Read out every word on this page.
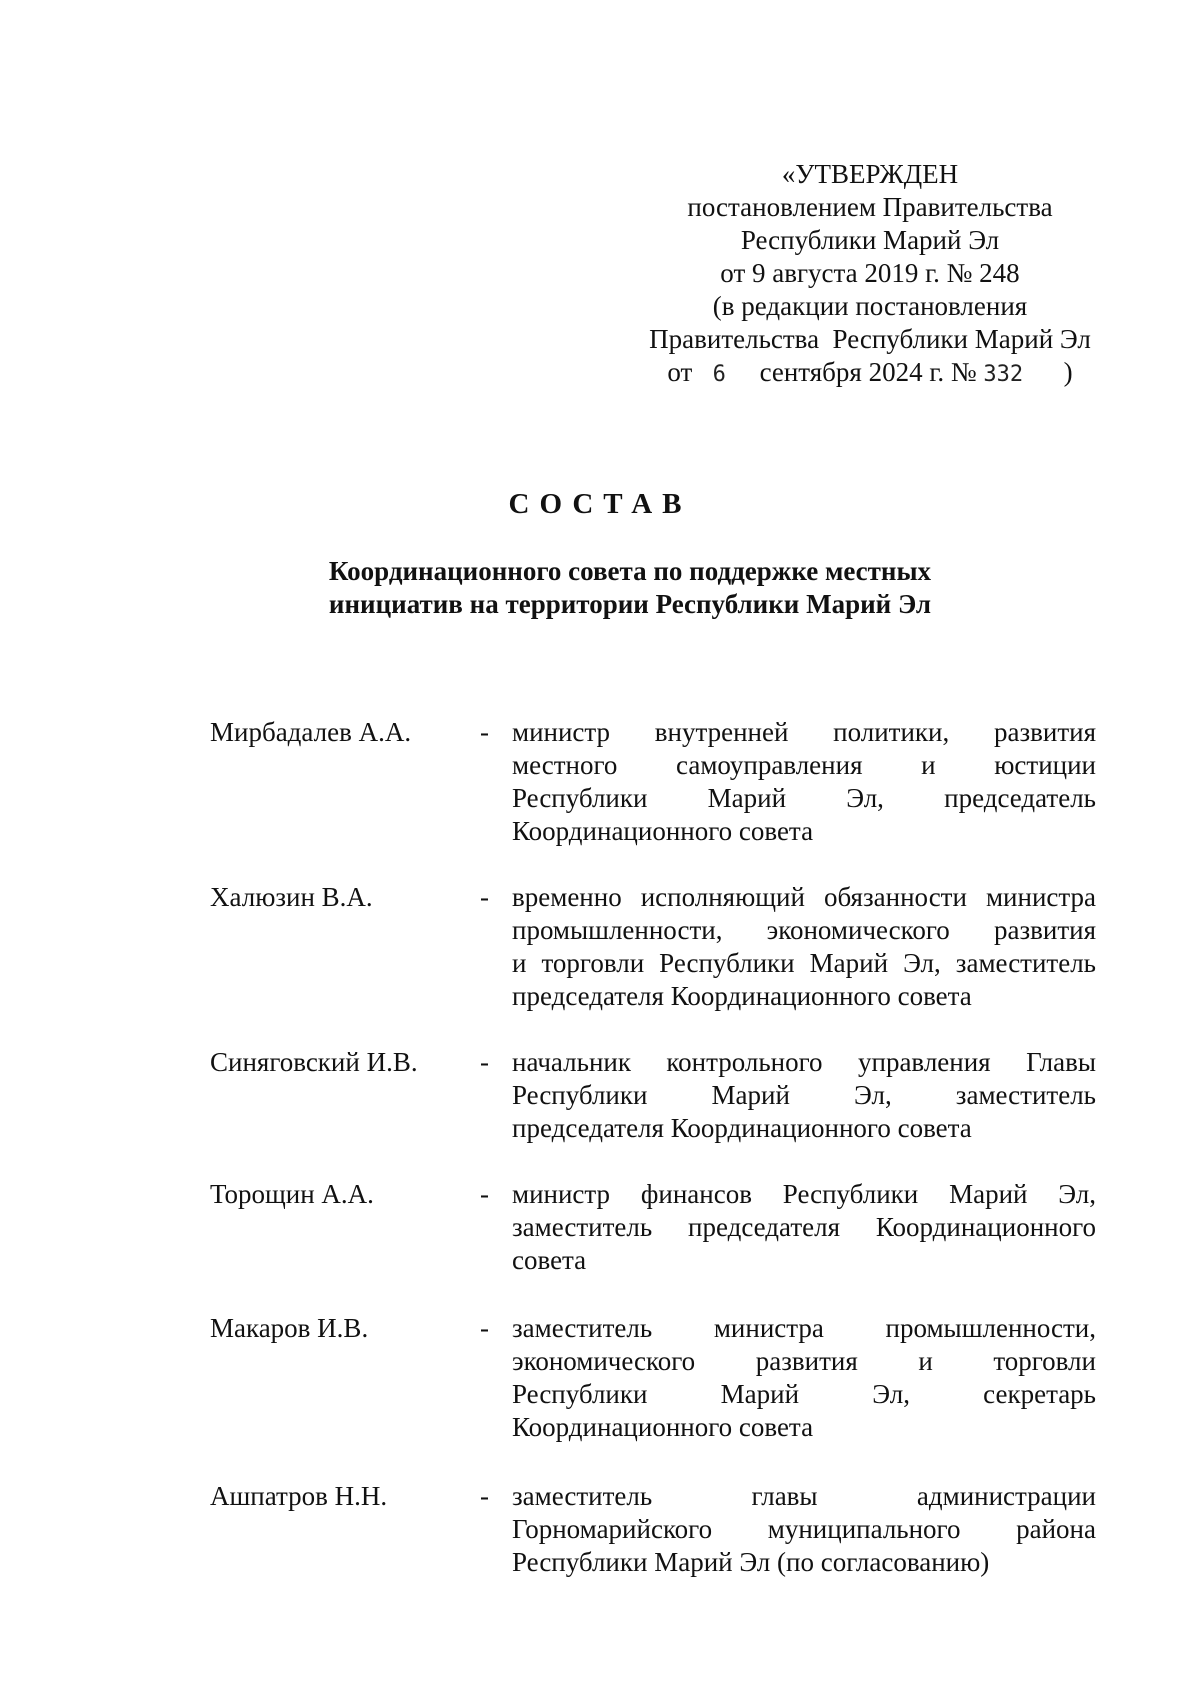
«УТВЕРЖДЕН
постановлением Правительства
Республики Марий Эл
от 9 августа 2019 г. № 248
(в редакции постановления
Правительства  Республики Марий Эл
от 6 сентября 2024 г. № 332 )
СОСТАВ
Координационного совета по поддержке местных
инициатив на территории Республики Марий Эл
Мирбадалев А.А.	- министр внутренней политики, развития
местного самоуправления и юстиции
Республики Марий Эл, председатель
Координационного совета
Халюзин В.А.	- временно исполняющий обязанности министра
промышленности, экономического развития
и торговли Республики Марий Эл, заместитель
председателя Координационного совета
Синяговский И.В. - начальник контрольного управления Главы
Республики Марий Эл, заместитель
председателя Координационного совета
Торощин А.А.	- министр финансов Республики Марий Эл,
заместитель председателя Координационного
совета
Макаров И.В.	- заместитель министра промышленности,
экономического развития и торговли
Республики Марий Эл, секретарь
Координационного совета
Ашпатров Н.Н.	- заместитель главы администрации
Горномарийского муниципального района
Республики Марий Эл (по согласованию)
